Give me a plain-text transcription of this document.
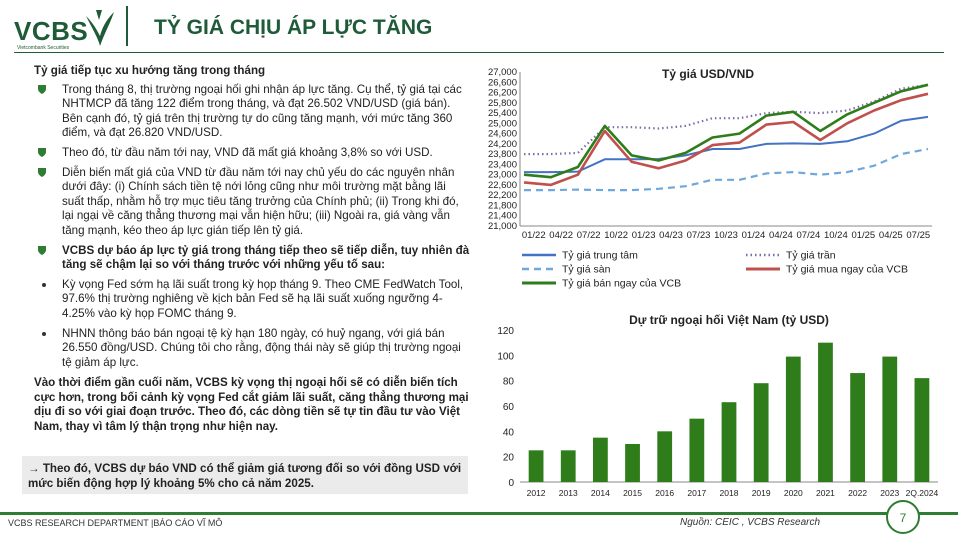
VCBS
Vietcombank Securities
TỶ GIÁ CHỊU ÁP LỰC TĂNG
Tỷ giá tiếp tục xu hướng tăng trong tháng
Trong tháng 8, thị trường ngoại hối ghi nhận áp lực tăng. Cụ thể, tỷ giá tại các NHTMCP đã tăng 122 điểm trong tháng, và đạt 26.502 VND/USD (giá bán). Bên cạnh đó, tỷ giá trên thị trường tự do cũng tăng mạnh, với mức tăng 360 điểm, và đạt 26.820 VND/USD.
Theo đó, từ đầu năm tới nay, VND đã mất giá khoảng 3,8% so với USD.
Diễn biến mất giá của VND từ đầu năm tới nay chủ yếu do các nguyên nhân dưới đây: (i) Chính sách tiền tệ nới lỏng cũng như môi trường mặt bằng lãi suất thấp, nhằm hỗ trợ mục tiêu tăng trưởng của Chính phủ; (ii) Trong khi đó, lại ngại về căng thẳng thương mại vẫn hiện hữu; (iii) Ngoài ra, giá vàng vẫn tăng mạnh, kéo theo áp lực gián tiếp lên tỷ giá.
VCBS dự báo áp lực tỷ giá trong tháng tiếp theo sẽ tiếp diễn, tuy nhiên đà tăng sẽ chậm lại so với tháng trước với những yếu tố sau:
Kỳ vọng Fed sớm hạ lãi suất trong kỳ họp tháng 9. Theo CME FedWatch Tool, 97.6% thị trường nghiêng về kịch bản Fed sẽ hạ lãi suất xuống ngưỡng 4-4.25% vào kỳ họp FOMC tháng 9.
NHNN thông báo bán ngoại tệ kỳ hạn 180 ngày, có huỷ ngang, với giá bán 26.550 đồng/USD. Chúng tôi cho rằng, động thái này sẽ giúp thị trường ngoại tệ giảm áp lực.
Vào thời điểm gần cuối năm, VCBS kỳ vọng thị ngoại hối sẽ có diễn biến tích cực hơn, trong bối cảnh kỳ vọng Fed cắt giảm lãi suất, căng thẳng thương mại dịu đi so với giai đoạn trước. Theo đó, các dòng tiền sẽ tự tin đầu tư vào Việt Nam, thay vì tâm lý thận trọng như hiện nay.
→ Theo đó, VCBS dự báo VND có thể giảm giá tương đối so với đồng USD với mức biến động hợp lý khoảng 5% cho cả năm 2025.
Tỷ giá USD/VND
21,000
21,400
21,800
22,200
22,600
23,000
23,400
23,800
24,200
24,600
25,000
25,400
25,800
26,200
26,600
27,000
01/22 04/22 07/22 10/22 01/23 04/23 07/23 10/23 01/24 04/24 07/24 10/24 01/25 04/25 07/25
Tỷ giá trung tâm	Tỷ giá trần
Tỷ giá sàn	Tỷ giá mua ngay của VCB
Tỷ giá bán ngay của VCB
Dự trữ ngoại hối Việt Nam (tỷ USD)
0
20
40
60
80
100
120
2012 2013 2014 2015 2016 2017 2018 2019 2020 2021 2022 2023 2Q.2024
VCBS RESEARCH DEPARTMENT |BÁO CÁO VĨ MÔ	Nguồn: CEIC , VCBS Research	7
